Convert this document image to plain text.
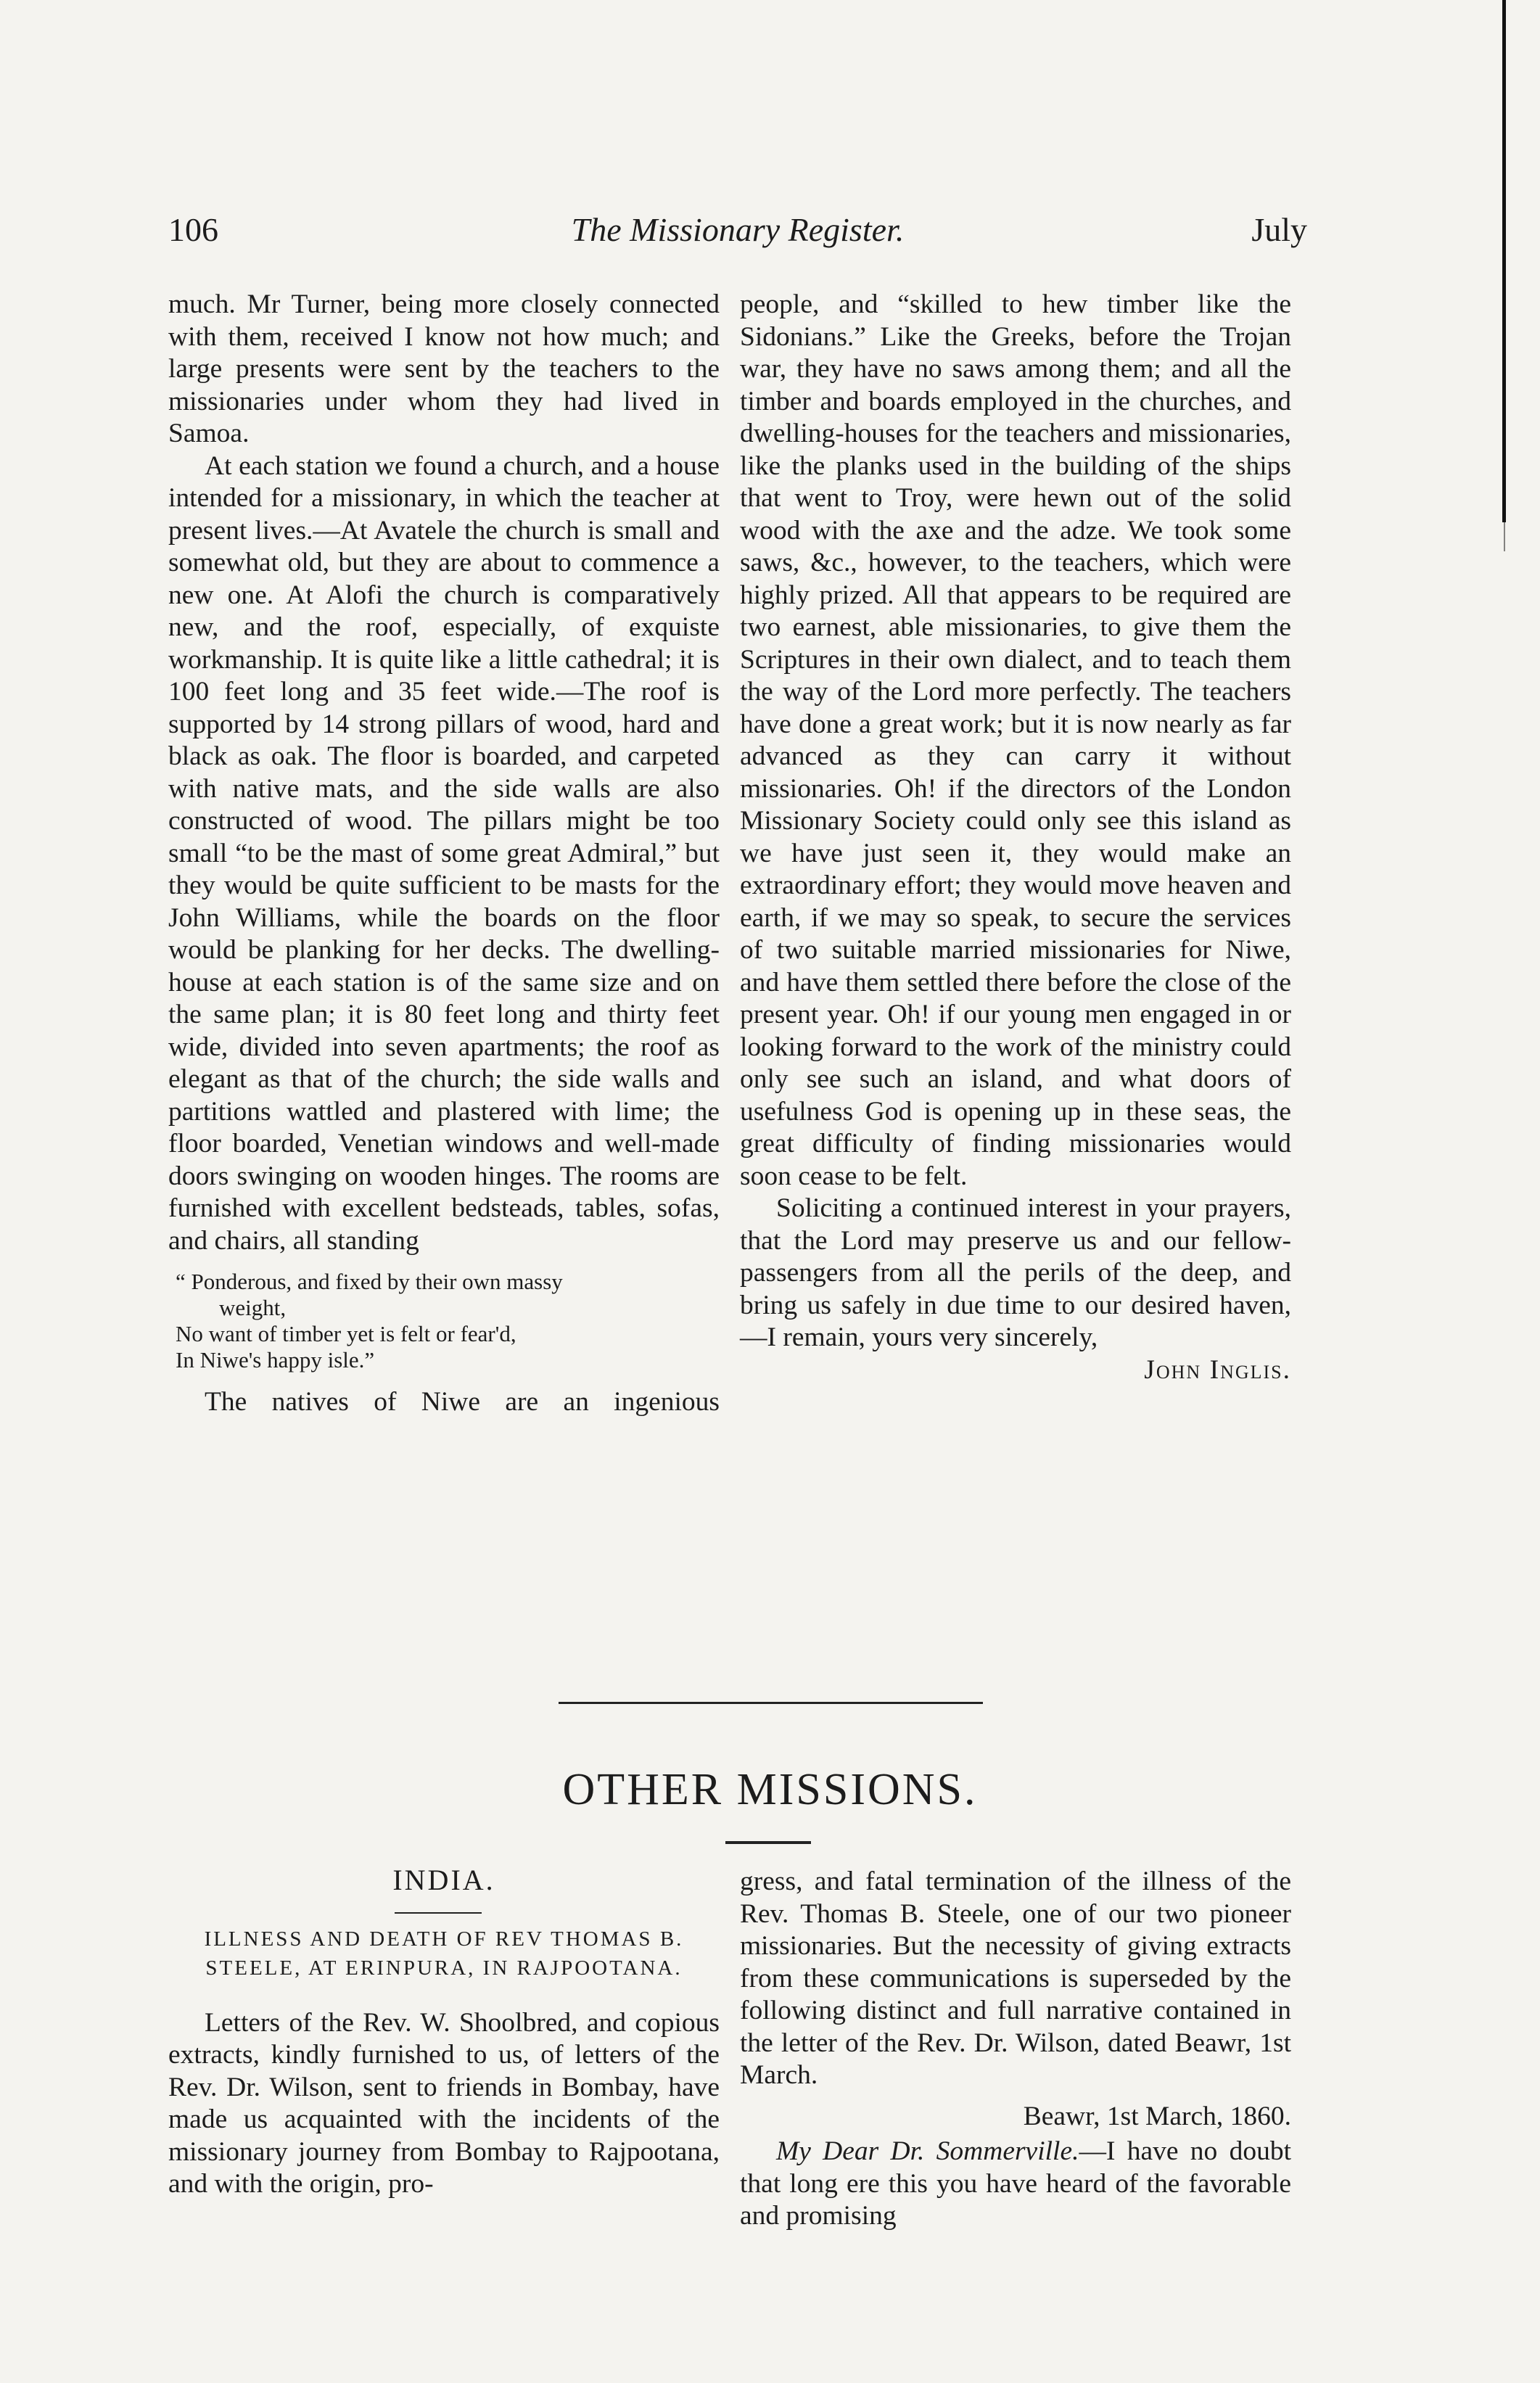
106	The Missionary Register.	July

much. Mr Turner, being more closely connected with them, received I know not how much; and large presents were sent by the teachers to the missionaries under whom they had lived in Samoa.

At each station we found a church, and a house intended for a missionary, in which the teacher at present lives.—At Avatele the church is small and somewhat old, but they are about to commence a new one. At Alofi the church is comparatively new, and the roof, especially, of exquiste workmanship. It is quite like a little cathedral; it is 100 feet long and 35 feet wide.—The roof is supported by 14 strong pillars of wood, hard and black as oak. The floor is boarded, and carpeted with native mats, and the side walls are also constructed of wood. The pillars might be too small “to be the mast of some great Admiral,” but they would be quite sufficient to be masts for the John Williams, while the boards on the floor would be planking for her decks. The dwelling-house at each station is of the same size and on the same plan; it is 80 feet long and thirty feet wide, divided into seven apartments; the roof as elegant as that of the church; the side walls and partitions wattled and plastered with lime; the floor boarded, Venetian windows and well-made doors swinging on wooden hinges. The rooms are furnished with excellent bedsteads, tables, sofas, and chairs, all standing

“ Ponderous, and fixed by their own massy
weight,
No want of timber yet is felt or fear'd,
In Niwe's happy isle.”

The natives of Niwe are an ingenious

people, and “skilled to hew timber like the Sidonians.” Like the Greeks, before the Trojan war, they have no saws among them; and all the timber and boards employed in the churches, and dwelling-houses for the teachers and missionaries, like the planks used in the building of the ships that went to Troy, were hewn out of the solid wood with the axe and the adze. We took some saws, &c., however, to the teachers, which were highly prized. All that appears to be required are two earnest, able missionaries, to give them the Scriptures in their own dialect, and to teach them the way of the Lord more perfectly. The teachers have done a great work; but it is now nearly as far advanced as they can carry it without missionaries. Oh! if the directors of the London Missionary Society could only see this island as we have just seen it, they would make an extraordinary effort; they would move heaven and earth, if we may so speak, to secure the services of two suitable married missionaries for Niwe, and have them settled there before the close of the present year. Oh! if our young men engaged in or looking forward to the work of the ministry could only see such an island, and what doors of usefulness God is opening up in these seas, the great difficulty of finding missionaries would soon cease to be felt.

Soliciting a continued interest in your prayers, that the Lord may preserve us and our fellow-passengers from all the perils of the deep, and bring us safely in due time to our desired haven,—I remain, yours very sincerely,

John Inglis.

OTHER MISSIONS.
INDIA.
ILLNESS AND DEATH OF REV THOMAS B. STEELE, AT ERINPURA, IN RAJPOOTANA.

Letters of the Rev. W. Shoolbred, and copious extracts, kindly furnished to us, of letters of the Rev. Dr. Wilson, sent to friends in Bombay, have made us acquainted with the incidents of the missionary journey from Bombay to Rajpootana, and with the origin, pro-

gress, and fatal termination of the illness of the Rev. Thomas B. Steele, one of our two pioneer missionaries. But the necessity of giving extracts from these communications is superseded by the following distinct and full narrative contained in the letter of the Rev. Dr. Wilson, dated Beawr, 1st March.

Beawr, 1st March, 1860.

My Dear Dr. Sommerville.—I have no doubt that long ere this you have heard of the favorable and promising
